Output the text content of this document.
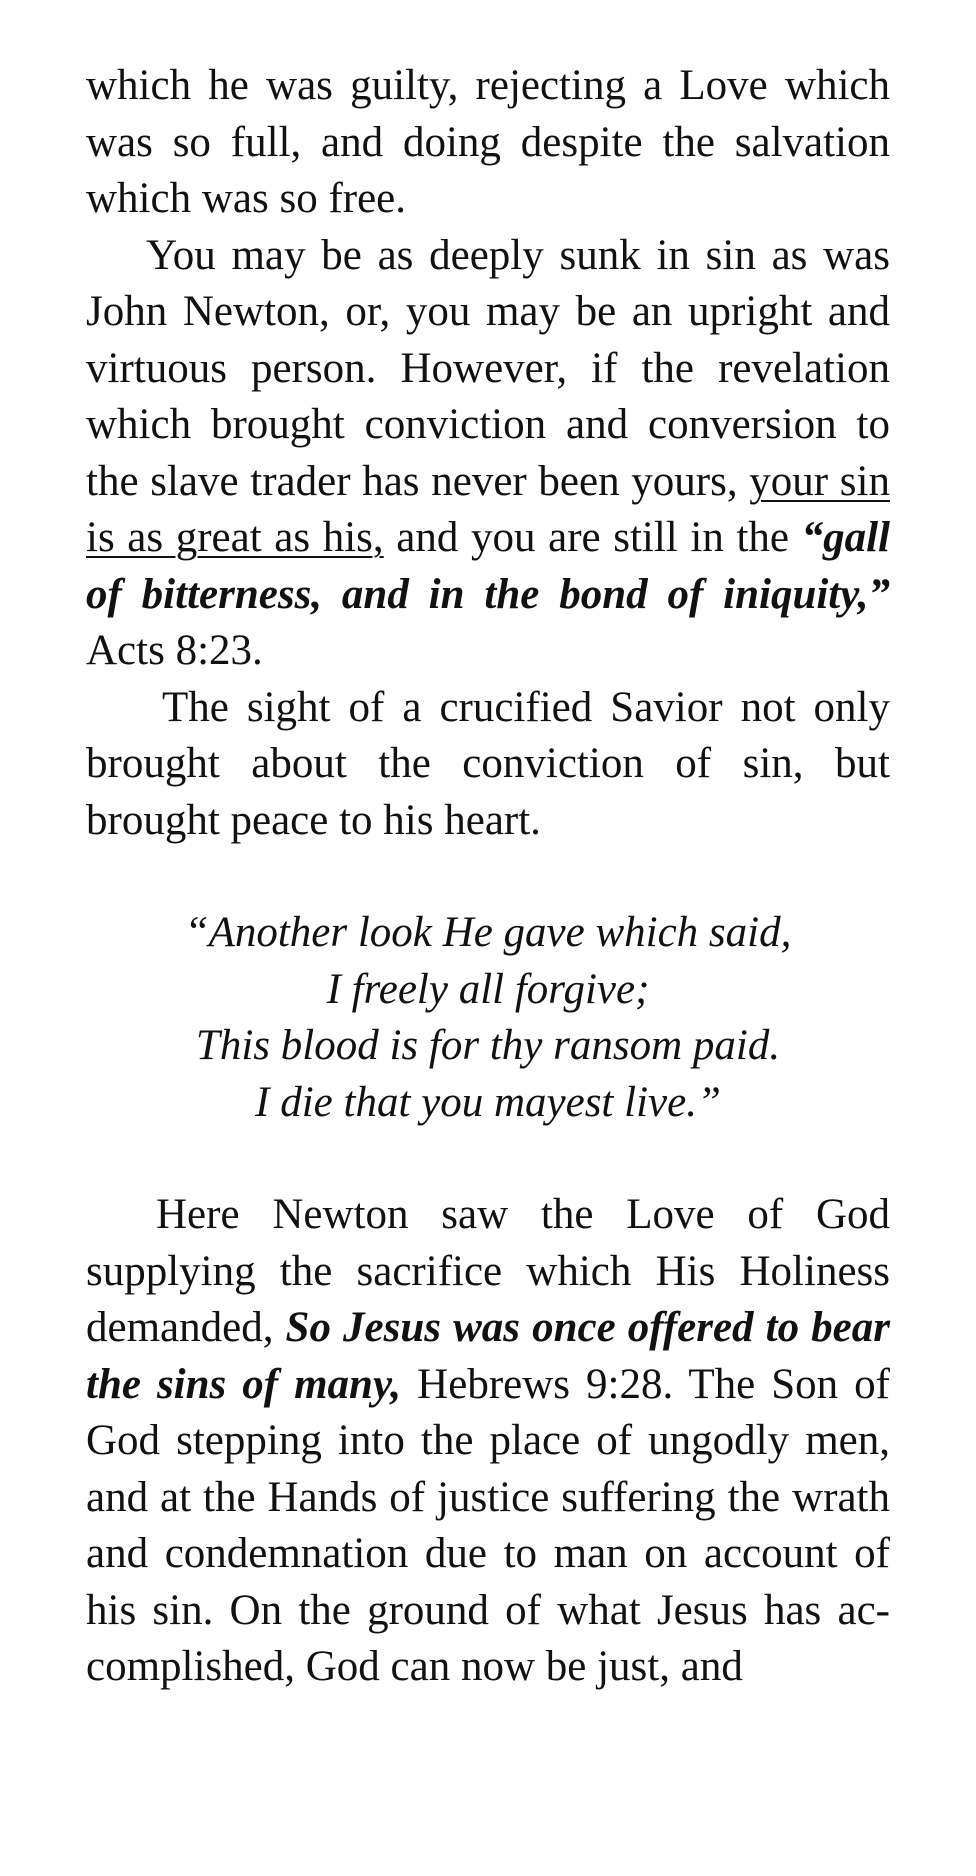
which he was guilty, rejecting a Love which was so full, and doing despite the salvation which was so free.

You may be as deeply sunk in sin as was John Newton, or, you may be an upright and virtuous person. However, if the revelation which brought conviction and conversion to the slave trader has never been yours, your sin is as great as his, and you are still in the “gall of bitterness, and in the bond of iniquity,” Acts 8:23.

The sight of a crucified Savior not only brought about the conviction of sin, but brought peace to his heart.

“Another look He gave which said,
I freely all forgive;
This blood is for thy ransom paid.
I die that you mayest live.”

Here Newton saw the Love of God supplying the sacrifice which His Holiness demanded, So Jesus was once offered to bear the sins of many, Hebrews 9:28. The Son of God stepping into the place of ungodly men, and at the Hands of justice suffering the wrath and condemnation due to man on account of his sin. On the ground of what Jesus has accomplished, God can now be just, and
